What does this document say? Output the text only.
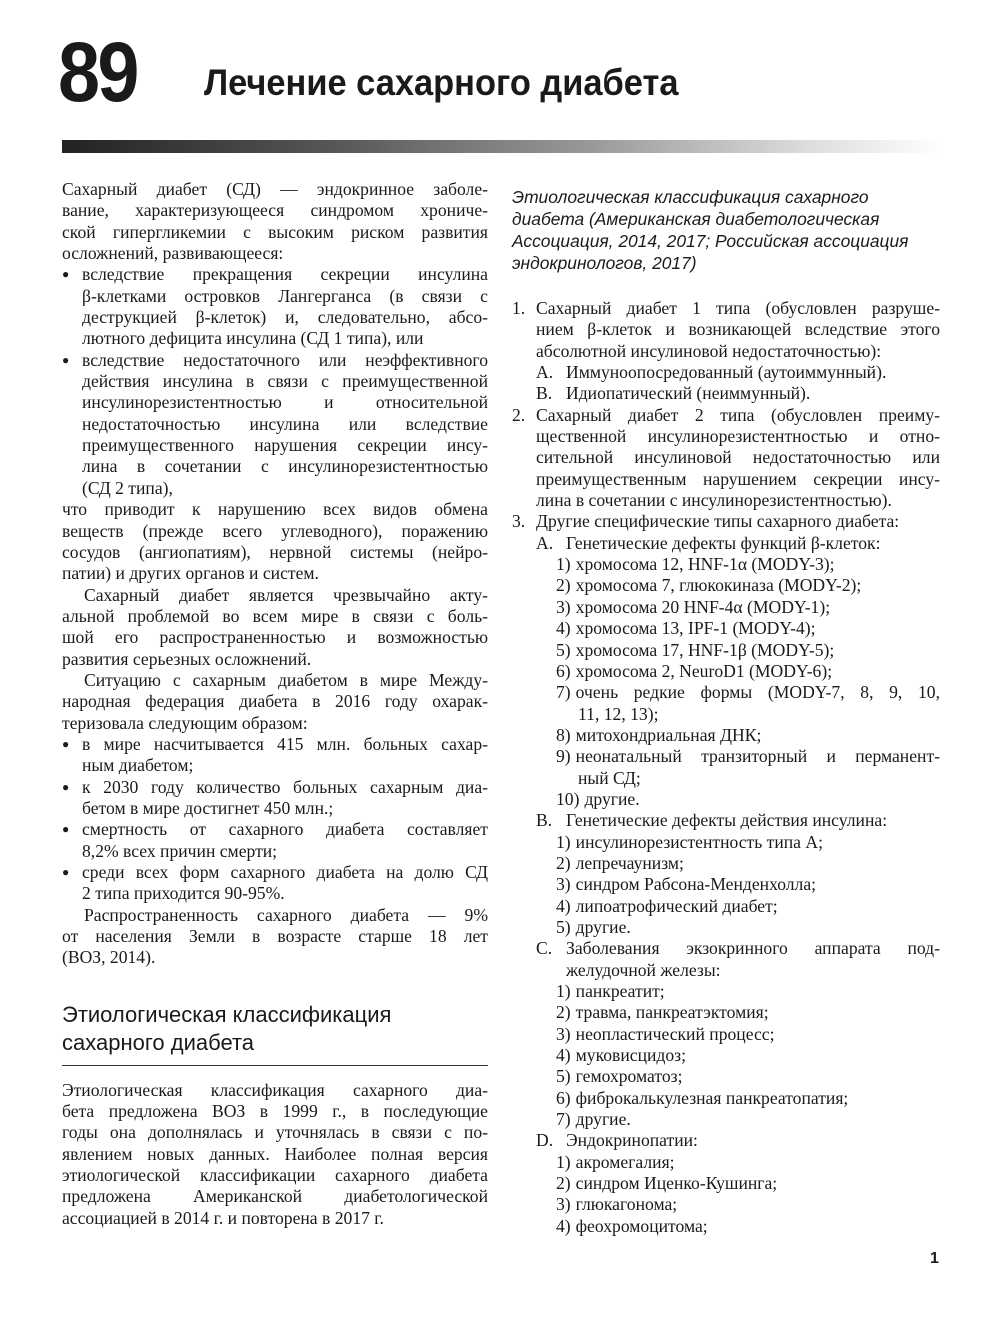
89 Лечение сахарного диабета
Сахарный диабет (СД) — эндокринное заболе-
вание, характеризующееся синдромом хрониче-
ской гипергликемии с высоким риском развития
осложнений, развивающееся:
● вследствие прекращения секреции инсулина
β-клетками островков Лангерганса (в связи с
деструкцией β-клеток) и, следовательно, абсо-
лютного дефицита инсулина (СД 1 типа), или
● вследствие недостаточного или неэффективного
действия инсулина в связи с преимущественной
инсулинорезистентностью и относительной
недостаточностью инсулина или вследствие
преимущественного нарушения секреции инсу-
лина в сочетании с инсулинорезистентностью
(СД 2 типа),
что приводит к нарушению всех видов обмена
веществ (прежде всего углеводного), поражению
сосудов (ангиопатиям), нервной системы (нейро-
патии) и других органов и систем.
Сахарный диабет является чрезвычайно акту-
альной проблемой во всем мире в связи с боль-
шой его распространенностью и возможностью
развития серьезных осложнений.
Ситуацию с сахарным диабетом в мире Между-
народная федерация диабета в 2016 году охарак-
теризовала следующим образом:
● в мире насчитывается 415 млн. больных сахар-
ным диабетом;
● к 2030 году количество больных сахарным диа-
бетом в мире достигнет 450 млн.;
● смертность от сахарного диабета составляет
8,2% всех причин смерти;
● среди всех форм сахарного диабета на долю СД
2 типа приходится 90-95%.
Распространенность сахарного диабета — 9%
от населения Земли в возрасте старше 18 лет
(ВОЗ, 2014).
Этиологическая классификация
сахарного диабета
Этиологическая классификация сахарного диа-
бета предложена ВОЗ в 1999 г., в последующие
годы она дополнялась и уточнялась в связи с по-
явлением новых данных. Наиболее полная версия
этиологической классификации сахарного диабета
предложена Американской диабетологической
ассоциацией в 2014 г. и повторена в 2017 г.
Этиологическая классификация сахарного
диабета (Американская диабетологическая
Ассоциация, 2014, 2017; Российская ассоциация
эндокринологов, 2017)
1. Сахарный диабет 1 типа (обусловлен разруше-
нием β-клеток и возникающей вследствие этого
абсолютной инсулиновой недостаточностью):
A. Иммуноопосредованный (аутоиммунный).
B. Идиопатический (неиммунный).
2. Сахарный диабет 2 типа (обусловлен преиму-
щественной инсулинорезистентностью и отно-
сительной инсулиновой недостаточностью или
преимущественным нарушением секреции инсу-
лина в сочетании с инсулинорезистентностью).
3. Другие специфические типы сахарного диабета:
A. Генетические дефекты функций β-клеток:
1) хромосома 12, HNF-1α (MODY-3);
2) хромосома 7, глюкокиназа (MODY-2);
3) хромосома 20 HNF-4α (MODY-1);
4) хромосома 13, IPF-1 (MODY-4);
5) хромосома 17, HNF-1β (MODY-5);
6) хромосома 2, NeuroD1 (MODY-6);
7) очень редкие формы (MODY-7, 8, 9, 10,
11, 12, 13);
8) митохондриальная ДНК;
9) неонатальный транзиторный и перманент-
ный СД;
10) другие.
B. Генетические дефекты действия инсулина:
1) инсулинорезистентность типа А;
2) лепречаунизм;
3) синдром Рабсона-Менденхолла;
4) липоатрофический диабет;
5) другие.
C. Заболевания экзокринного аппарата под-
желудочной железы:
1) панкреатит;
2) травма, панкреатэктомия;
3) неопластический процесс;
4) муковисцидоз;
5) гемохроматоз;
6) фиброкалькулезная панкреатопатия;
7) другие.
D. Эндокринопатии:
1) акромегалия;
2) синдром Иценко-Кушинга;
3) глюкагонома;
4) феохромоцитома;
1
